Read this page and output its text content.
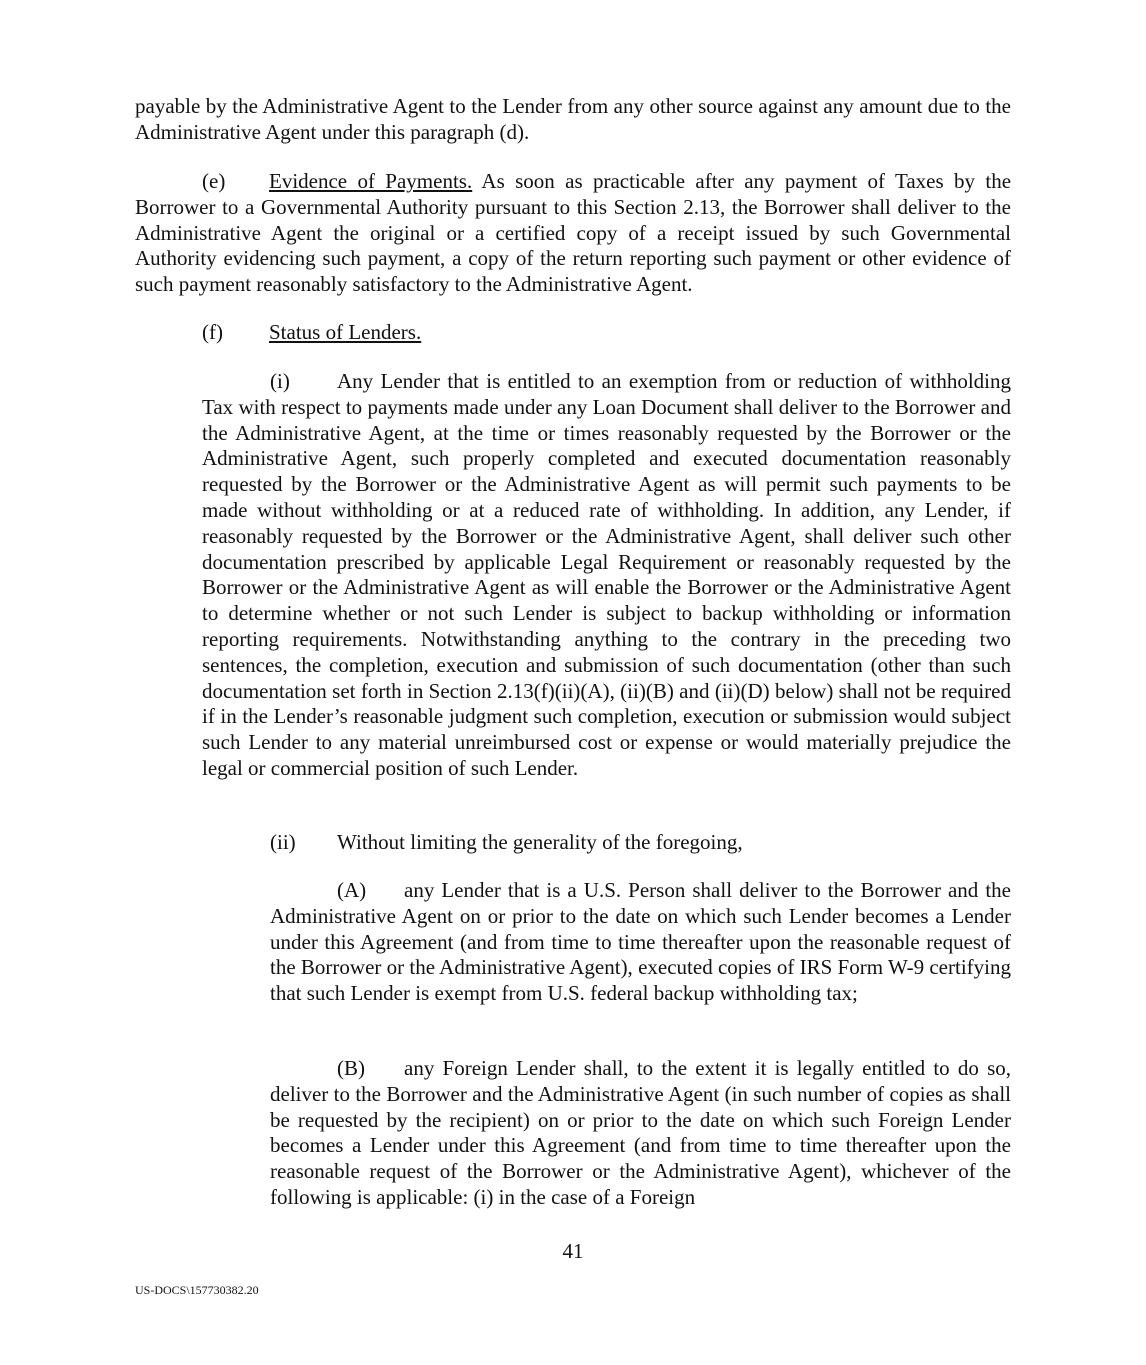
payable by the Administrative Agent to the Lender from any other source against any amount due to the Administrative Agent under this paragraph (d).

(e) Evidence of Payments. As soon as practicable after any payment of Taxes by the Borrower to a Governmental Authority pursuant to this Section 2.13, the Borrower shall deliver to the Administrative Agent the original or a certified copy of a receipt issued by such Governmental Authority evidencing such payment, a copy of the return reporting such payment or other evidence of such payment reasonably satisfactory to the Administrative Agent.

(f) Status of Lenders.

(i) Any Lender that is entitled to an exemption from or reduction of withholding Tax with respect to payments made under any Loan Document shall deliver to the Borrower and the Administrative Agent, at the time or times reasonably requested by the Borrower or the Administrative Agent, such properly completed and executed documentation reasonably requested by the Borrower or the Administrative Agent as will permit such payments to be made without withholding or at a reduced rate of withholding. In addition, any Lender, if reasonably requested by the Borrower or the Administrative Agent, shall deliver such other documentation prescribed by applicable Legal Requirement or reasonably requested by the Borrower or the Administrative Agent as will enable the Borrower or the Administrative Agent to determine whether or not such Lender is subject to backup withholding or information reporting requirements. Notwithstanding anything to the contrary in the preceding two sentences, the completion, execution and submission of such documentation (other than such documentation set forth in Section 2.13(f)(ii)(A), (ii)(B) and (ii)(D) below) shall not be required if in the Lender’s reasonable judgment such completion, execution or submission would subject such Lender to any material unreimbursed cost or expense or would materially prejudice the legal or commercial position of such Lender.

(ii) Without limiting the generality of the foregoing,

(A) any Lender that is a U.S. Person shall deliver to the Borrower and the Administrative Agent on or prior to the date on which such Lender becomes a Lender under this Agreement (and from time to time thereafter upon the reasonable request of the Borrower or the Administrative Agent), executed copies of IRS Form W-9 certifying that such Lender is exempt from U.S. federal backup withholding tax;

(B) any Foreign Lender shall, to the extent it is legally entitled to do so, deliver to the Borrower and the Administrative Agent (in such number of copies as shall be requested by the recipient) on or prior to the date on which such Foreign Lender becomes a Lender under this Agreement (and from time to time thereafter upon the reasonable request of the Borrower or the Administrative Agent), whichever of the following is applicable: (i) in the case of a Foreign

41
US-DOCS\157730382.20
